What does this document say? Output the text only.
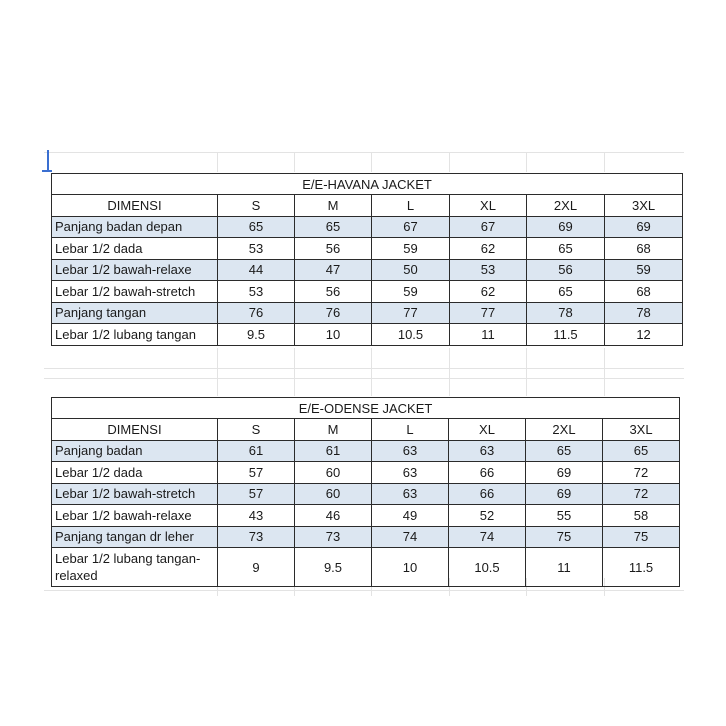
E/E-HAVANA JACKET						
DIMENSI	S	M	L	XL	2XL	3XL
Panjang badan depan	65	65	67	67	69	69
Lebar 1/2 dada	53	56	59	62	65	68
Lebar 1/2 bawah-relaxe	44	47	50	53	56	59
Lebar 1/2 bawah-stretch	53	56	59	62	65	68
Panjang tangan	76	76	77	77	78	78
Lebar 1/2 lubang tangan	9.5	10	10.5	11	11.5	12
E/E-ODENSE JACKET						
DIMENSI	S	M	L	XL	2XL	3XL
Panjang badan	61	61	63	63	65	65
Lebar 1/2 dada	57	60	63	66	69	72
Lebar 1/2 bawah-stretch	57	60	63	66	69	72
Lebar 1/2 bawah-relaxe	43	46	49	52	55	58
Panjang tangan dr leher	73	73	74	74	75	75
Lebar 1/2 lubang tangan-relaxed	9	9.5	10	10.5	11	11.5
